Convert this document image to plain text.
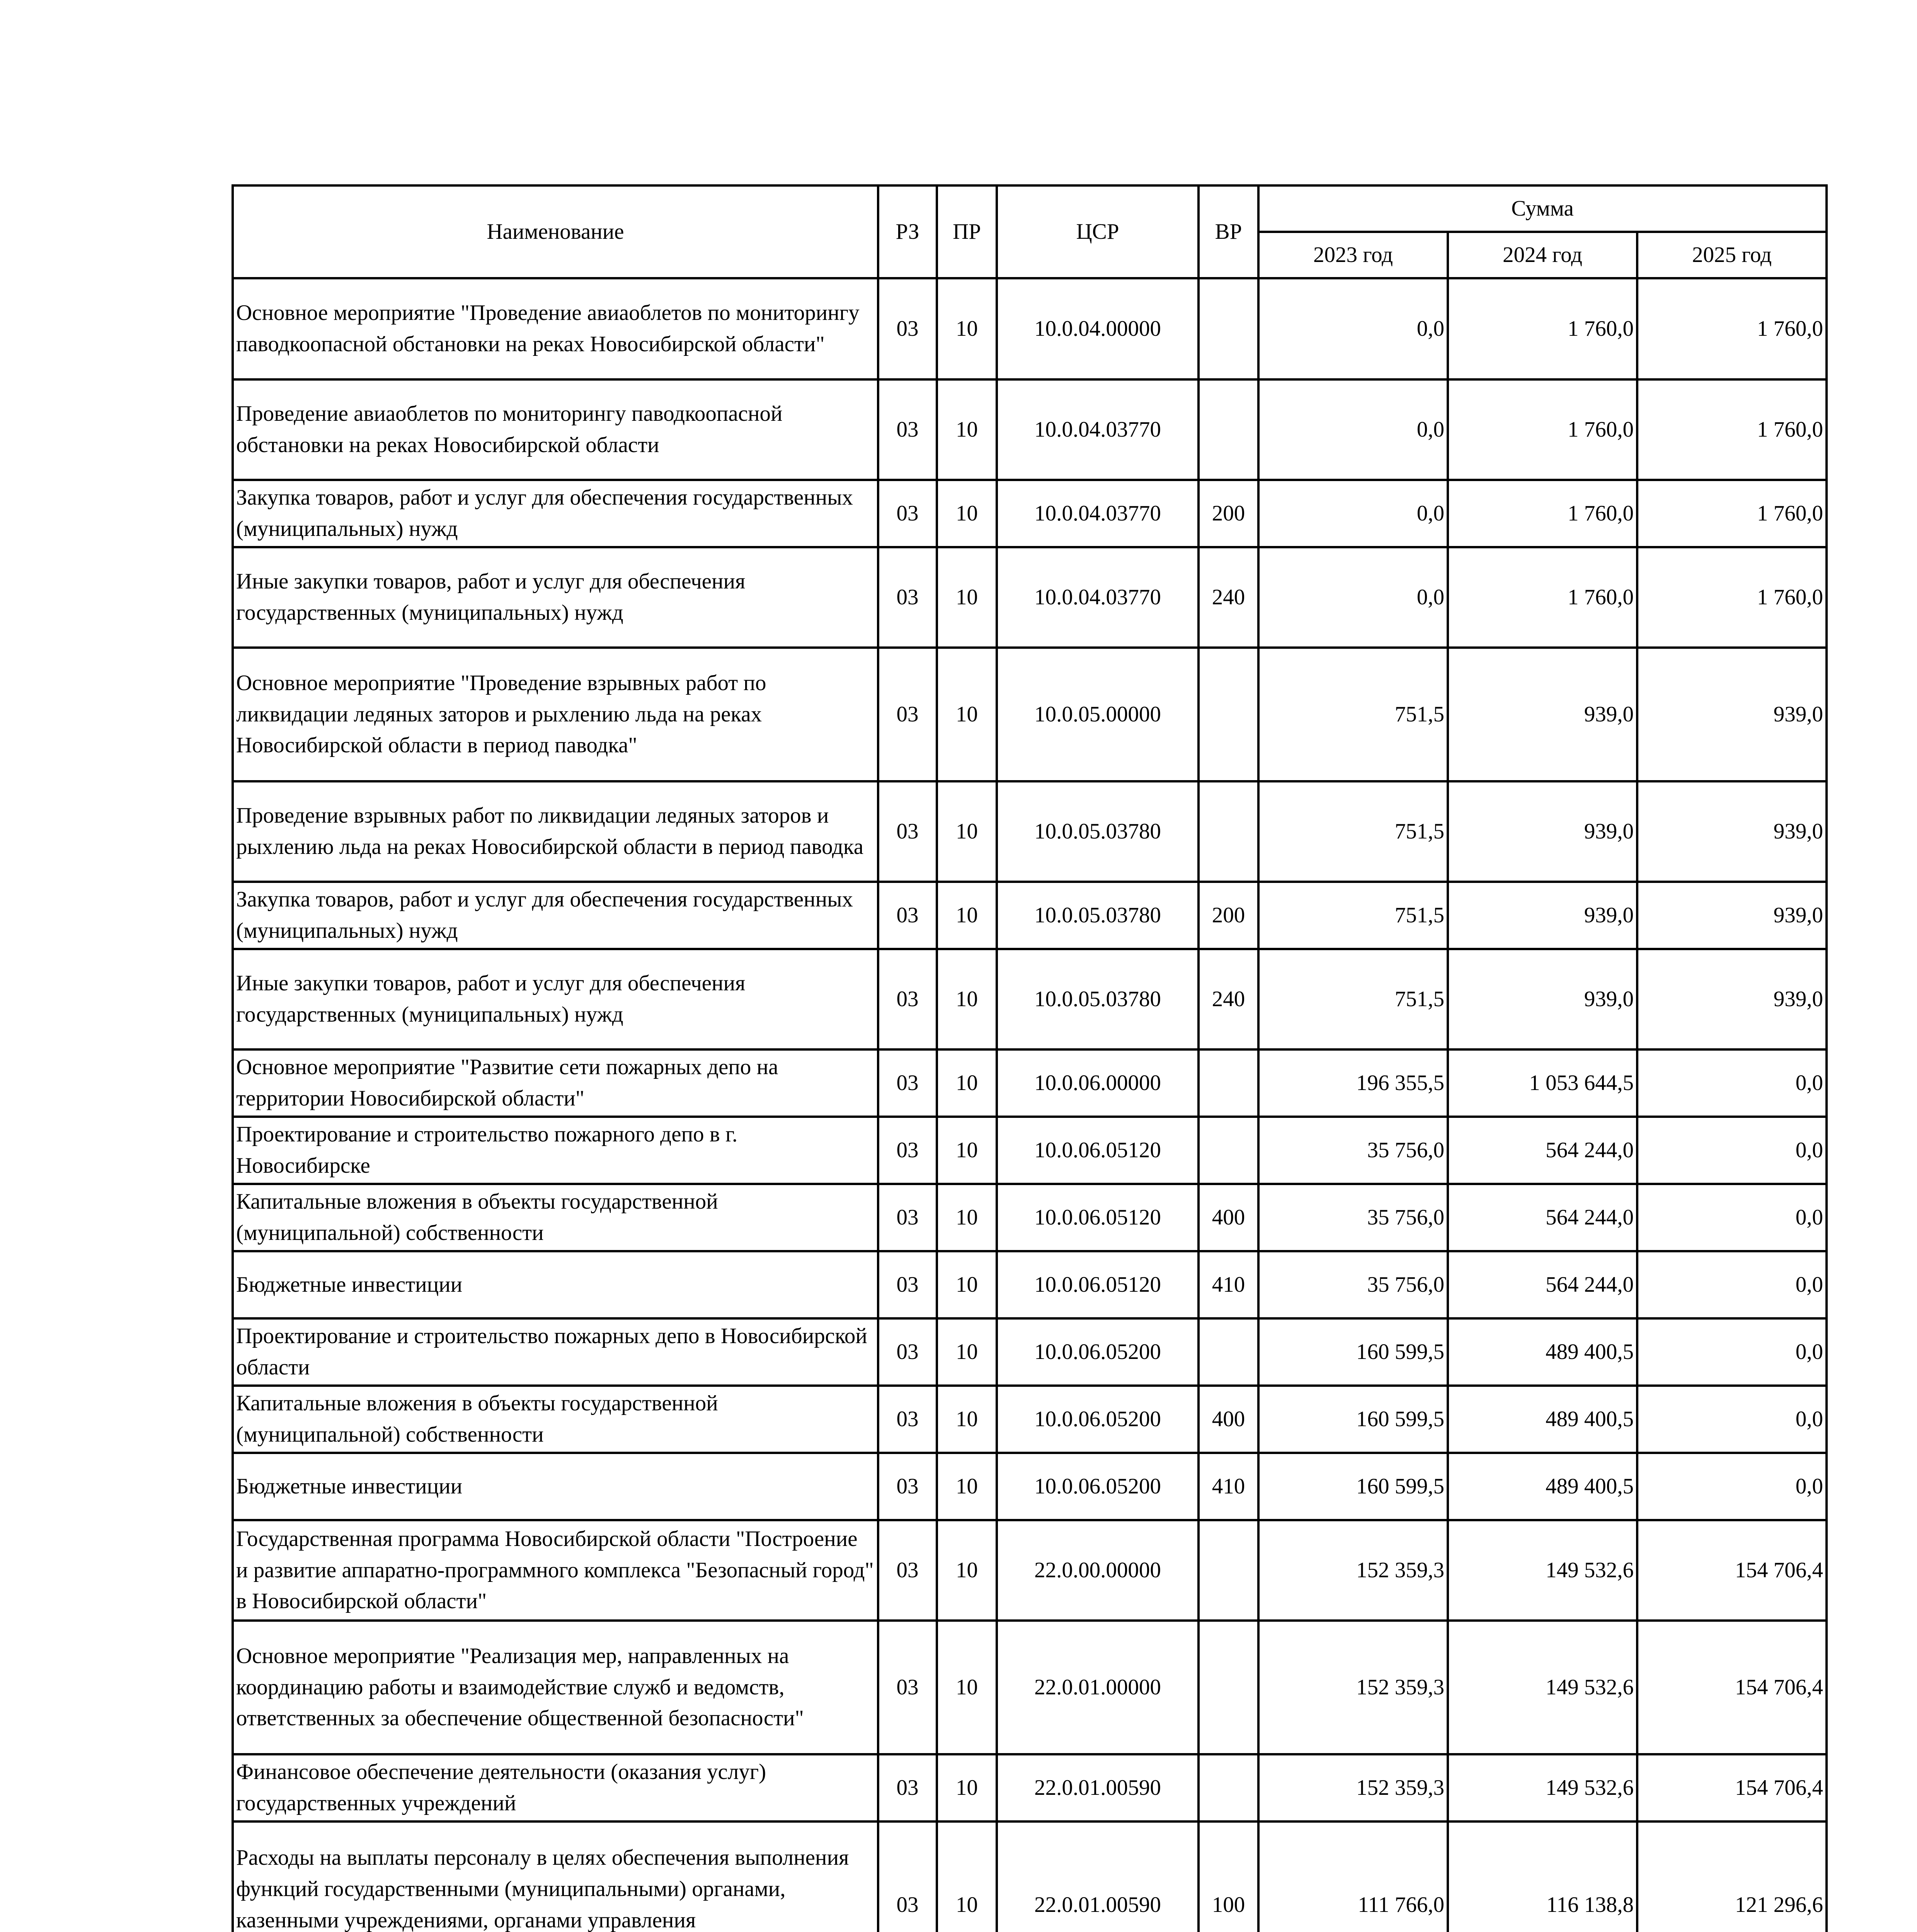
Наименование	РЗ	ПР	ЦСР	ВР	Сумма		
					2023 год	2024 год	2025 год
Основное мероприятие "Проведение авиаоблетов по мониторингу паводкоопасной обстановки на реках Новосибирской области"	03	10	10.0.04.00000		0,0	1 760,0	1 760,0
Проведение авиаоблетов по мониторингу паводкоопасной обстановки на реках Новосибирской области	03	10	10.0.04.03770		0,0	1 760,0	1 760,0
Закупка товаров, работ и услуг для обеспечения государственных (муниципальных) нужд	03	10	10.0.04.03770	200	0,0	1 760,0	1 760,0
Иные закупки товаров, работ и услуг для обеспечения государственных (муниципальных) нужд	03	10	10.0.04.03770	240	0,0	1 760,0	1 760,0
Основное мероприятие "Проведение взрывных работ по ликвидации ледяных заторов и рыхлению льда на реках Новосибирской области в период паводка"	03	10	10.0.05.00000		751,5	939,0	939,0
Проведение взрывных работ по ликвидации ледяных заторов и рыхлению льда на реках Новосибирской области в период паводка	03	10	10.0.05.03780		751,5	939,0	939,0
Закупка товаров, работ и услуг для обеспечения государственных (муниципальных) нужд	03	10	10.0.05.03780	200	751,5	939,0	939,0
Иные закупки товаров, работ и услуг для обеспечения государственных (муниципальных) нужд	03	10	10.0.05.03780	240	751,5	939,0	939,0
Основное мероприятие "Развитие сети пожарных депо на территории Новосибирской области"	03	10	10.0.06.00000		196 355,5	1 053 644,5	0,0
Проектирование и строительство пожарного депо в г. Новосибирске	03	10	10.0.06.05120		35 756,0	564 244,0	0,0
Капитальные вложения в объекты государственной (муниципальной) собственности	03	10	10.0.06.05120	400	35 756,0	564 244,0	0,0
Бюджетные инвестиции	03	10	10.0.06.05120	410	35 756,0	564 244,0	0,0
Проектирование и строительство пожарных депо в Новосибирской области	03	10	10.0.06.05200		160 599,5	489 400,5	0,0
Капитальные вложения в объекты государственной (муниципальной) собственности	03	10	10.0.06.05200	400	160 599,5	489 400,5	0,0
Бюджетные инвестиции	03	10	10.0.06.05200	410	160 599,5	489 400,5	0,0
Государственная программа Новосибирской области "Построение и развитие аппаратно-программного комплекса "Безопасный город" в Новосибирской области"	03	10	22.0.00.00000		152 359,3	149 532,6	154 706,4
Основное мероприятие "Реализация мер, направленных на координацию работы и взаимодействие служб и ведомств, ответственных за обеспечение общественной безопасности"	03	10	22.0.01.00000		152 359,3	149 532,6	154 706,4
Финансовое обеспечение деятельности (оказания услуг) государственных учреждений	03	10	22.0.01.00590		152 359,3	149 532,6	154 706,4
Расходы на выплаты персоналу в целях обеспечения выполнения функций государственными (муниципальными) органами, казенными учреждениями, органами управления	03	10	22.0.01.00590	100	111 766,0	116 138,8	121 296,6
